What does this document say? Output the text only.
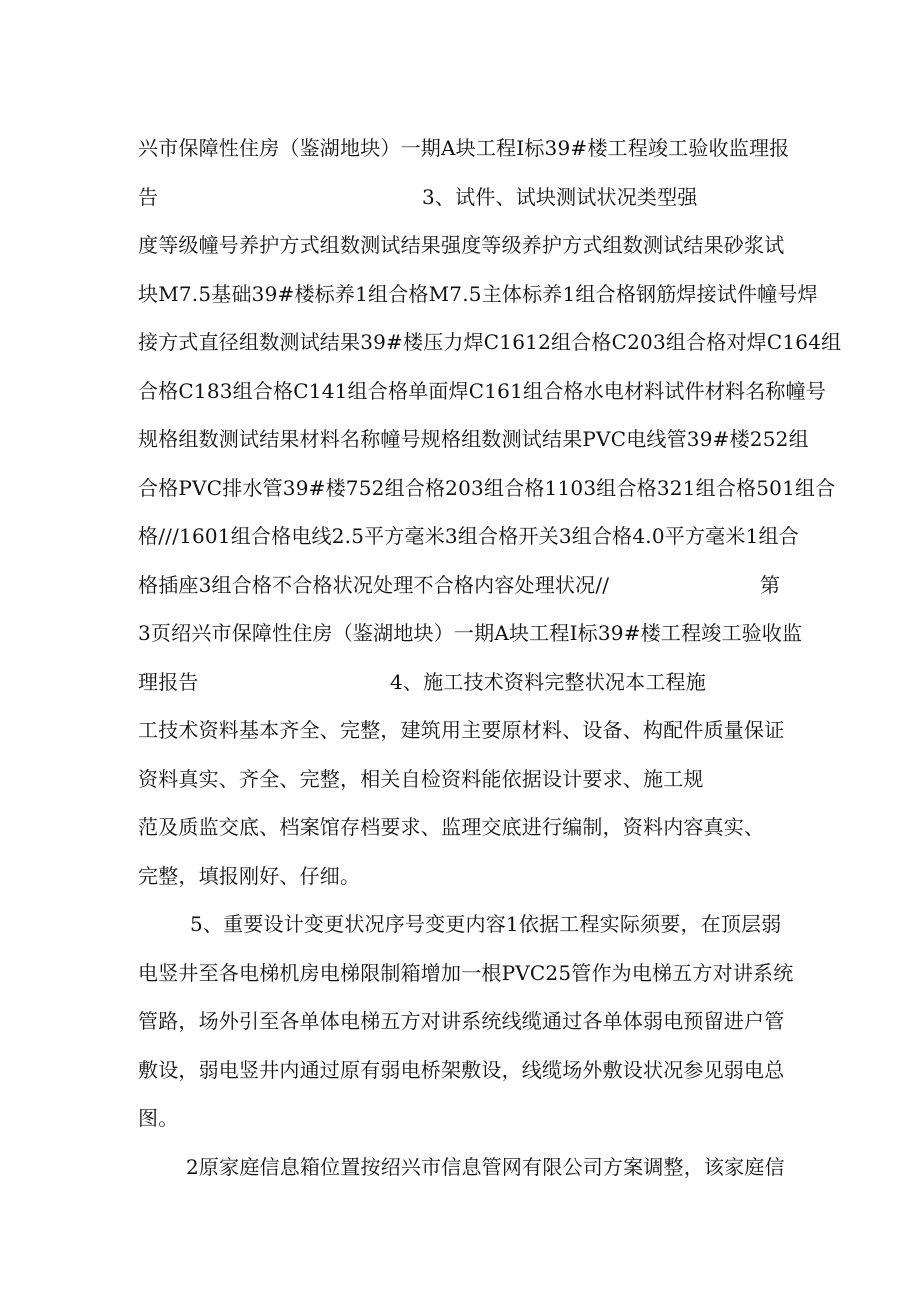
兴市保障性住房（鉴湖地块）一期A块工程I标39#楼工程竣工验收监理报
告	3、试件、试块测试状况类型强
度等级幢号养护方式组数测试结果强度等级养护方式组数测试结果砂浆试
块M7.5基础39#楼标养1组合格M7.5主体标养1组合格钢筋焊接试件幢号焊
接方式直径组数测试结果39#楼压力焊C1612组合格C203组合格对焊C164组
合格C183组合格C141组合格单面焊C161组合格水电材料试件材料名称幢号
规格组数测试结果材料名称幢号规格组数测试结果PVC电线管39#楼252组
合格PVC排水管39#楼752组合格203组合格1103组合格321组合格501组合
格///1601组合格电线2.5平方毫米3组合格开关3组合格4.0平方毫米1组合
格插座3组合格不合格状况处理不合格内容处理状况//	第
3页绍兴市保障性住房（鉴湖地块）一期A块工程I标39#楼工程竣工验收监
理报告	4、施工技术资料完整状况本工程施
工技术资料基本齐全、完整，建筑用主要原材料、设备、构配件质量保证
资料真实、齐全、完整，相关自检资料能依据设计要求、施工规
范及质监交底、档案馆存档要求、监理交底进行编制，资料内容真实、
完整，填报刚好、仔细。
5、重要设计变更状况序号变更内容1依据工程实际须要，在顶层弱
电竖井至各电梯机房电梯限制箱增加一根PVC25管作为电梯五方对讲系统
管路，场外引至各单体电梯五方对讲系统线缆通过各单体弱电预留进户管
敷设，弱电竖井内通过原有弱电桥架敷设，线缆场外敷设状况参见弱电总
图。
2原家庭信息箱位置按绍兴市信息管网有限公司方案调整，该家庭信
